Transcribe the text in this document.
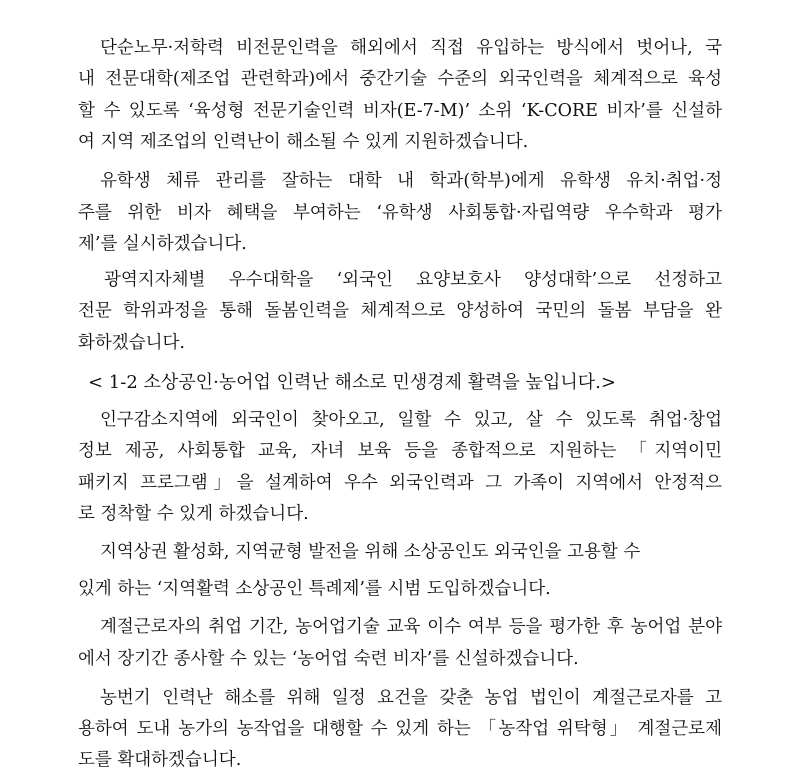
단순노무·저학력 비전문인력을 해외에서 직접 유입하는 방식에서 벗어나, 국
내 전문대학(제조업 관련학과)에서 중간기술 수준의 외국인력을 체계적으로 육성
할 수 있도록 ‘육성형 전문기술인력 비자(E-7-M)’ 소위 ‘K-CORE 비자’를 신설하
여 지역 제조업의 인력난이 해소될 수 있게 지원하겠습니다.
유학생 체류 관리를 잘하는 대학 내 학과(학부)에게 유학생 유치·취업·정
주를 위한 비자 혜택을 부여하는 ‘유학생 사회통합·자립역량 우수학과 평가
제’를 실시하겠습니다.
광역지자체별 우수대학을 ‘외국인 요양보호사 양성대학’으로 선정하고
전문 학위과정을 통해 돌봄인력을 체계적으로 양성하여 국민의 돌봄 부담을 완
화하겠습니다.
< 1-2 소상공인·농어업 인력난 해소로 민생경제 활력을 높입니다.>
인구감소지역에 외국인이 찾아오고, 일할 수 있고, 살 수 있도록 취업·창업
정보 제공, 사회통합 교육, 자녀 보육 등을 종합적으로 지원하는 「지역이민
패키지 프로그램」을 설계하여 우수 외국인력과 그 가족이 지역에서 안정적으
로 정착할 수 있게 하겠습니다.
지역상권 활성화, 지역균형 발전을 위해 소상공인도 외국인을 고용할 수
있게 하는 ‘지역활력 소상공인 특례제’를 시범 도입하겠습니다.
계절근로자의 취업 기간, 농어업기술 교육 이수 여부 등을 평가한 후 농어업 분야
에서 장기간 종사할 수 있는 ‘농어업 숙련 비자’를 신설하겠습니다.
농번기 인력난 해소를 위해 일정 요건을 갖춘 농업 법인이 계절근로자를 고
용하여 도내 농가의 농작업을 대행할 수 있게 하는 「농작업 위탁형」 계절근로제
도를 확대하겠습니다.
